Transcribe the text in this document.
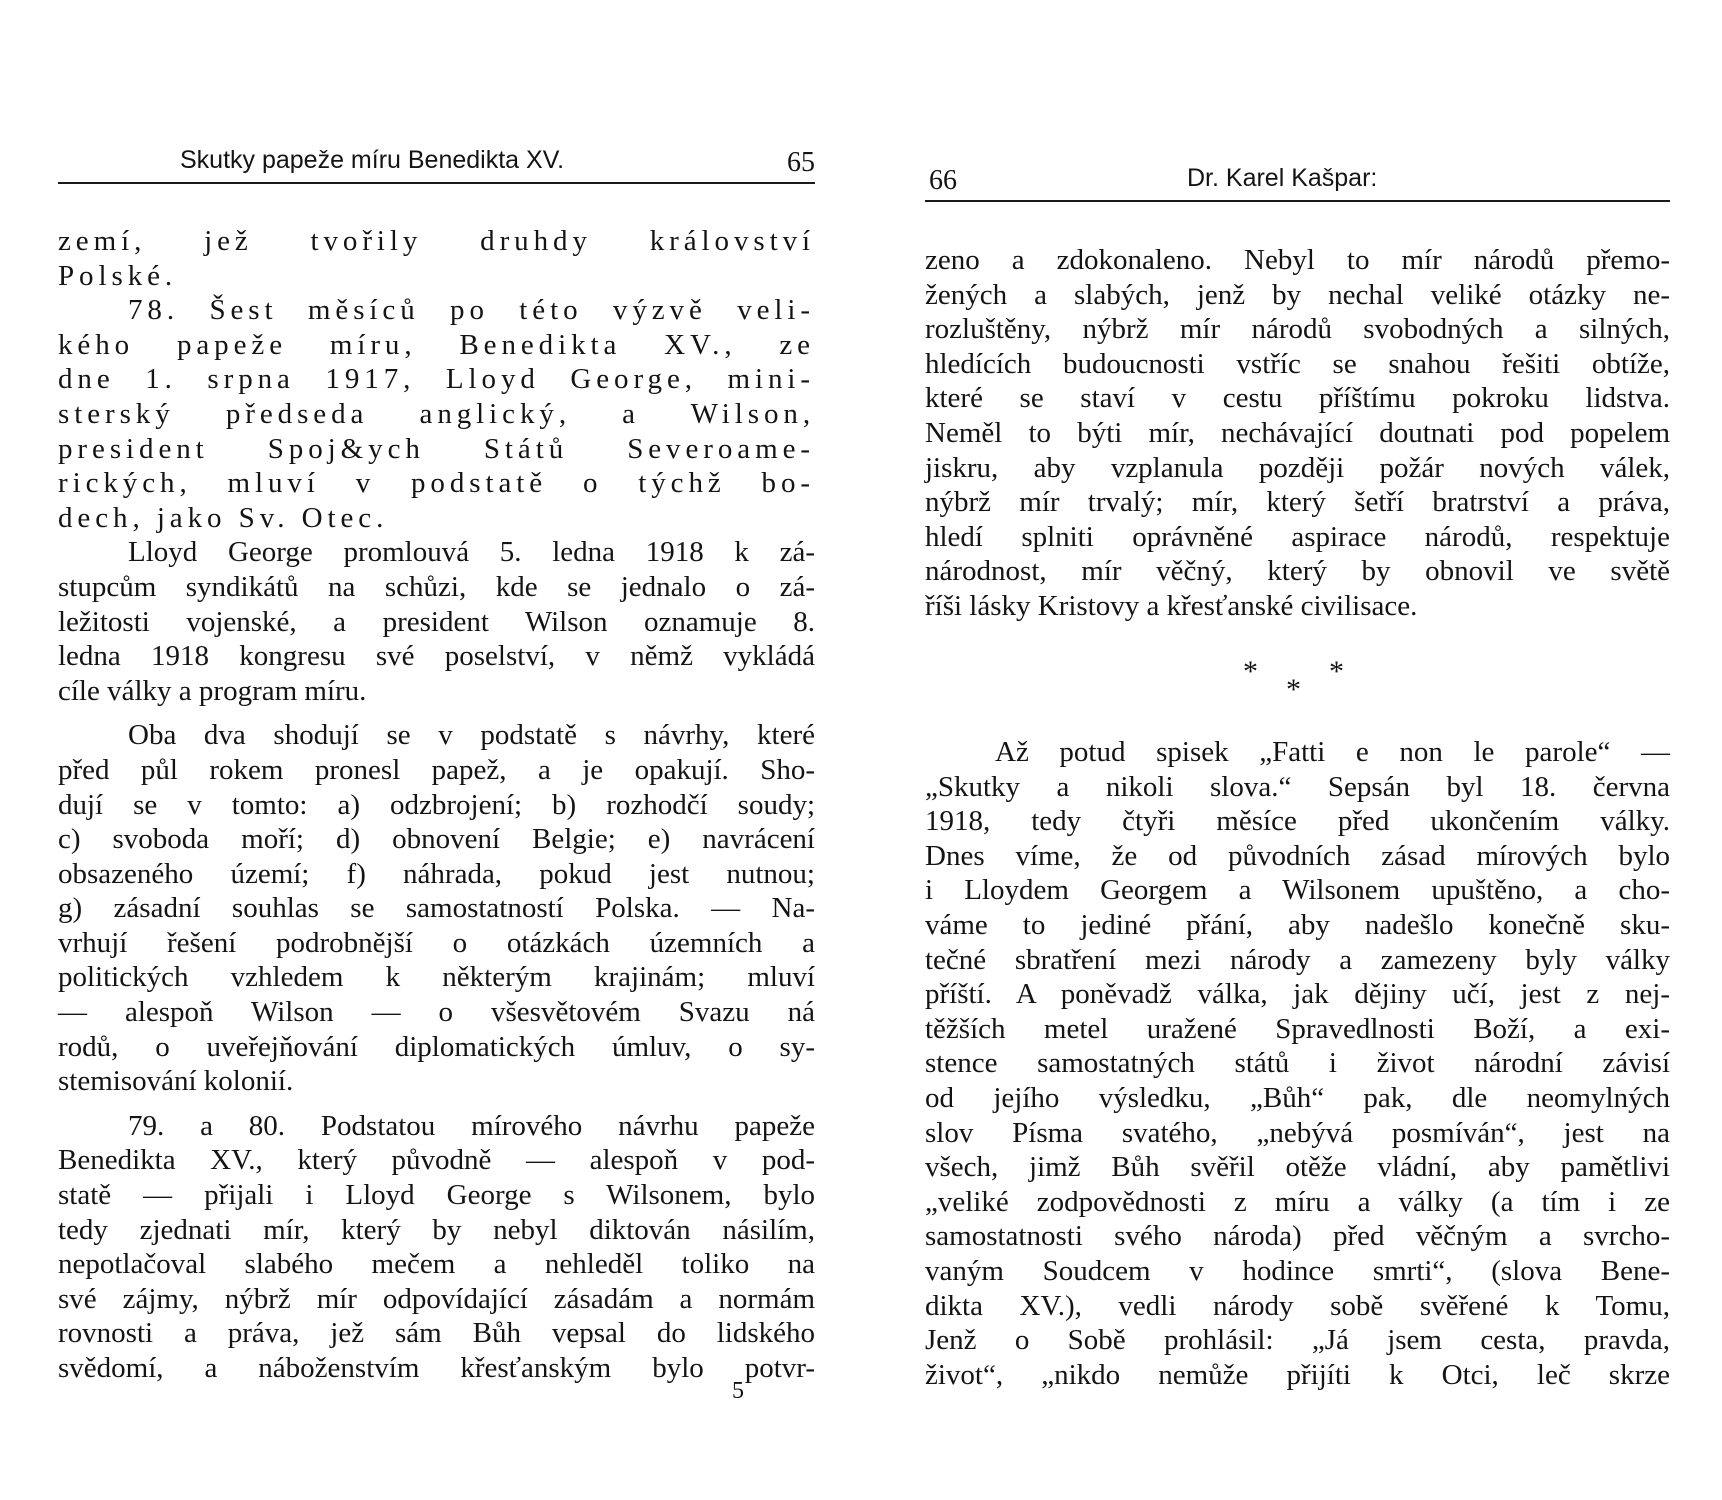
Skutky papeže míru Benedikta XV.	65
zemí, jež tvořily druhdy království
Polské.
78. Šest měsíců po této výzvě veli-
kého papeže míru, Benedikta XV., ze
dne 1. srpna 1917, Lloyd George, mini-
sterský předseda anglický, a Wilson,
president Spoj&ych Států Severoame-
rických, mluví v podstatě o týchž bo-
dech, jako Sv. Otec.
Lloyd George promlouvá 5. ledna 1918 k zá-
stupcům syndikátů na schůzi, kde se jednalo o zá-
ležitosti vojenské, a president Wilson oznamuje 8.
ledna 1918 kongresu své poselství, v němž vykládá
cíle války a program míru.
Oba dva shodují se v podstatě s návrhy, které
před půl rokem pronesl papež, a je opakují. Sho-
dují se v tomto: a) odzbrojení; b) rozhodčí soudy;
c) svoboda moří; d) obnovení Belgie; e) navrácení
obsazeného území; f) náhrada, pokud jest nutnou;
g) zásadní souhlas se samostatností Polska. — Na-
vrhují řešení podrobnější o otázkách územních a
politických vzhledem k některým krajinám; mluví
— alespoň Wilson — o všesvětovém Svazu ná
rodů, o uveřejňování diplomatických úmluv, o sy-
stemisování kolonií.
79. a 80. Podstatou mírového návrhu papeže
Benedikta XV., který původně — alespoň v pod-
statě — přijali i Lloyd George s Wilsonem, bylo
tedy zjednati mír, který by nebyl diktován násilím,
nepotlačoval slabého mečem a nehleděl toliko na
své zájmy, nýbrž mír odpovídající zásadám a normám
rovnosti a práva, jež sám Bůh vepsal do lidského
svědomí, a náboženstvím křesťanským bylo potvr-
5
66	Dr. Karel Kašpar:
zeno a zdokonaleno. Nebyl to mír národů přemo-
žených a slabých, jenž by nechal veliké otázky ne-
rozluštěny, nýbrž mír národů svobodných a silných,
hledících budoucnosti vstříc se snahou řešiti obtíže,
které se staví v cestu příštímu pokroku lidstva.
Neměl to býti mír, nechávající doutnati pod popelem
jiskru, aby vzplanula později požár nových válek,
nýbrž mír trvalý; mír, který šetří bratrství a práva,
hledí splniti oprávněné aspirace národů, respektuje
národnost, mír věčný, který by obnovil ve světě
říši lásky Kristovy a křesťanské civilisace.
*
*
*
Až potud spisek „Fatti e non le parole“ —
„Skutky a nikoli slova.“ Sepsán byl 18. června
1918, tedy čtyři měsíce před ukončením války.
Dnes víme, že od původních zásad mírových bylo
i Lloydem Georgem a Wilsonem upuštěno, a cho-
váme to jediné přání, aby nadešlo konečně sku-
tečné sbratření mezi národy a zamezeny byly války
příští. A poněvadž válka, jak dějiny učí, jest z nej-
těžších metel uražené Spravedlnosti Boží, a exi-
stence samostatných států i život národní závisí
od jejího výsledku, „Bůh“ pak, dle neomylných
slov Písma svatého, „nebývá posmíván“, jest na
všech, jimž Bůh svěřil otěže vládní, aby pamětlivi
„veliké zodpovědnosti z míru a války (a tím i ze
samostatnosti svého národa) před věčným a svrcho-
vaným Soudcem v hodince smrti“, (slova Bene-
dikta XV.), vedli národy sobě svěřené k Tomu,
Jenž o Sobě prohlásil: „Já jsem cesta, pravda,
život“, „nikdo nemůže přijíti k Otci, leč skrze
